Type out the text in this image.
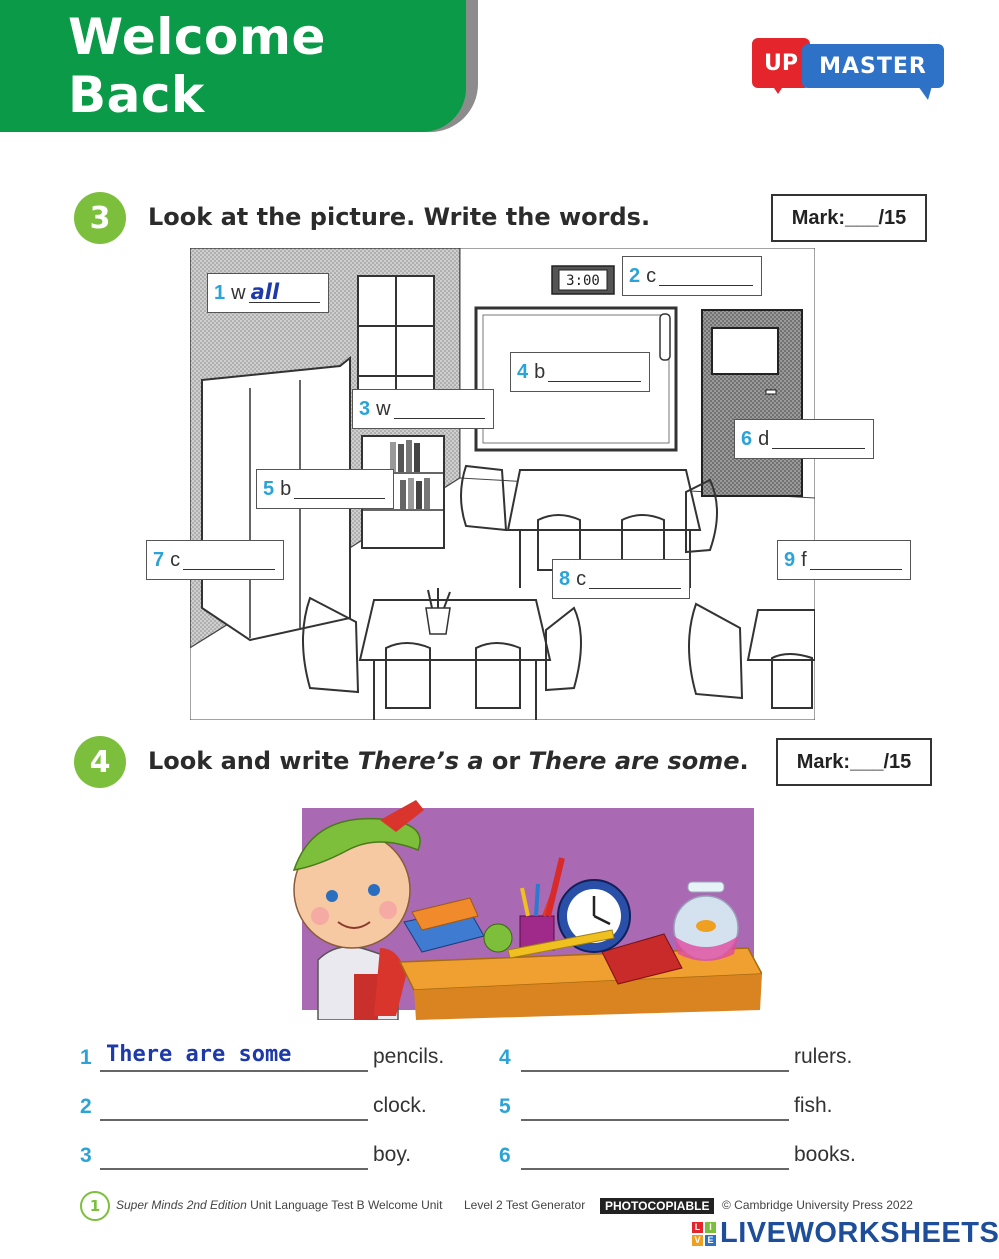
Welcome Back
UP MASTER
3	Look at the picture. Write the words.	Mark:___/15
3:00
1 w all
2 c
3 w
4 b
5 b
6 d
7 c
8 c
9 f
4	Look and write There’s a or There are some.	Mark:___/15
1 There are some	pencils.
2	clock.
3	boy.
4	rulers.
5	fish.
6	books.
1	Super Minds 2nd Edition Unit Language Test B Welcome Unit Level 2 Test Generator	PHOTOCOPIABLE	© Cambridge University Press 2022
L I
V E LIVEWORKSHEETS
